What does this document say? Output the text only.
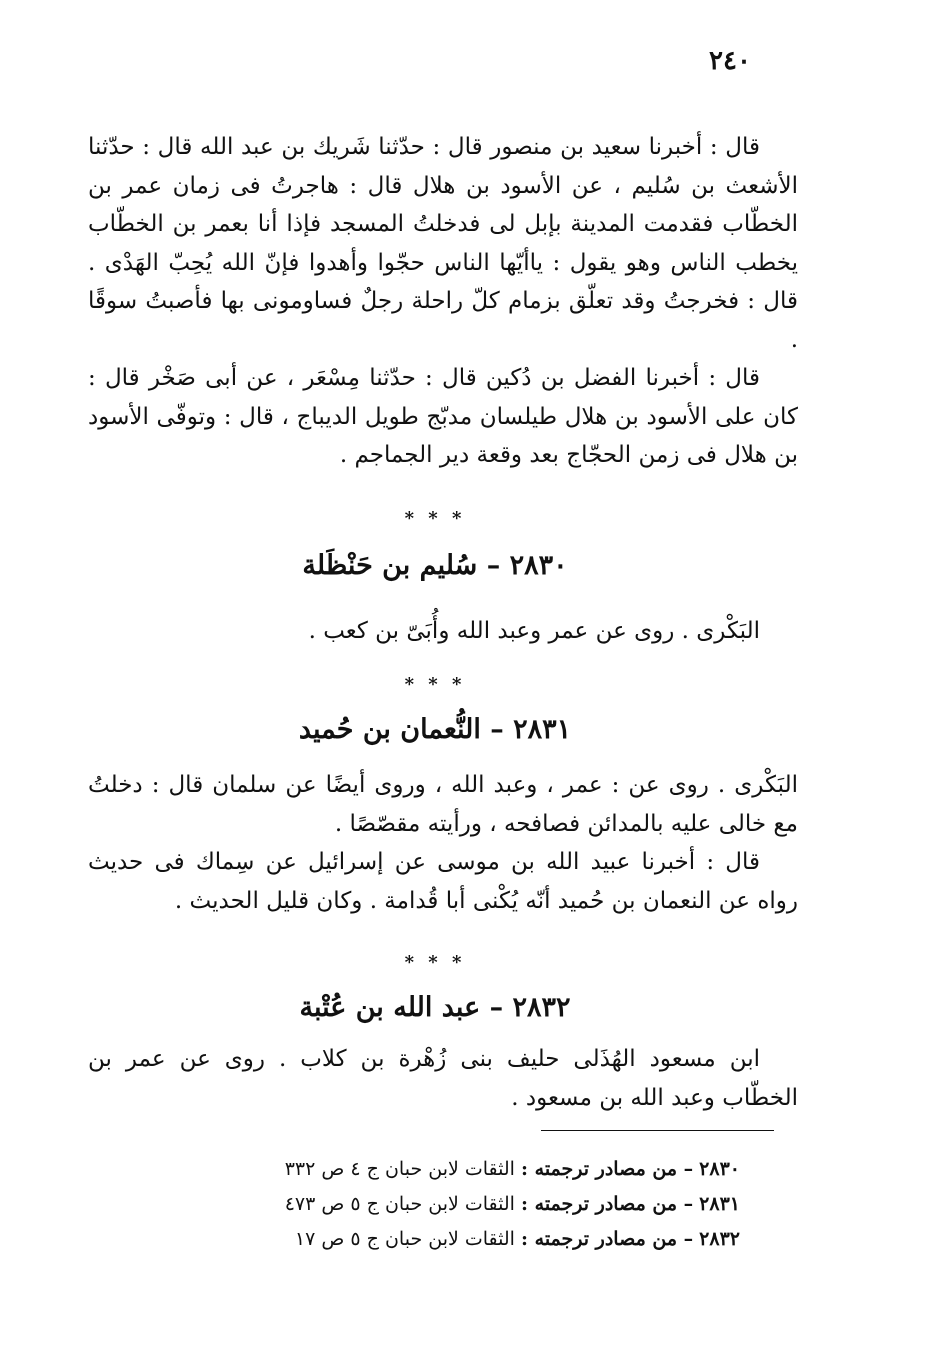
٢٤٠

قال : أخبرنا سعيد بن منصور قال : حدّثنا شَريك بن عبد الله قال : حدّثنا الأشعث بن سُليم ، عن الأسود بن هلال قال : هاجرتُ فى زمان عمر بن الخطّاب فقدمت المدينة بإبل لى فدخلتُ المسجد فإذا أنا بعمر بن الخطّاب يخطب الناس وهو يقول : ياأيّها الناس حجّوا وأهدوا فإنّ الله يُحِبّ الهَدْى . قال : فخرجتُ وقد تعلّق بزمام كلّ راحلة رجلٌ فساومونى بها فأصبتُ سوقًا .

قال : أخبرنا الفضل بن دُكين قال : حدّثنا مِسْعَر ، عن أبى صَخْر قال : كان على الأسود بن هلال طيلسان مدبّج طويل الديباج ، قال : وتوفّى الأسود بن هلال فى زمن الحجّاج بعد وقعة دير الجماجم .

* * *
٢٨٣٠ – سُليم بن حَنْظَلة

البَكْرى . روى عن عمر وعبد الله وأُبَىّ بن كعب .

* * *
٢٨٣١ – النُّعمان بن حُميد

البَكْرى . روى عن : عمر ، وعبد الله ، وروى أيضًا عن سلمان قال : دخلتُ مع خالى عليه بالمدائن فصافحه ، ورأيته مقصّصًا .

قال : أخبرنا عبيد الله بن موسى عن إسرائيل عن سِماك فى حديث رواه عن النعمان بن حُميد أنّه يُكْنى أبا قُدامة . وكان قليل الحديث .

* * *
٢٨٣٢ – عبد الله بن عُتْبة

ابن مسعود الهُذَلى حليف بنى زُهْرة بن كلاب . روى عن عمر بن الخطّاب وعبد الله بن مسعود .

٢٨٣٠ – من مصادر ترجمته : الثقات لابن حبان ج ٤ ص ٣٣٢

٢٨٣١ – من مصادر ترجمته : الثقات لابن حبان ج ٥ ص ٤٧٣

٢٨٣٢ – من مصادر ترجمته : الثقات لابن حبان ج ٥ ص ١٧
